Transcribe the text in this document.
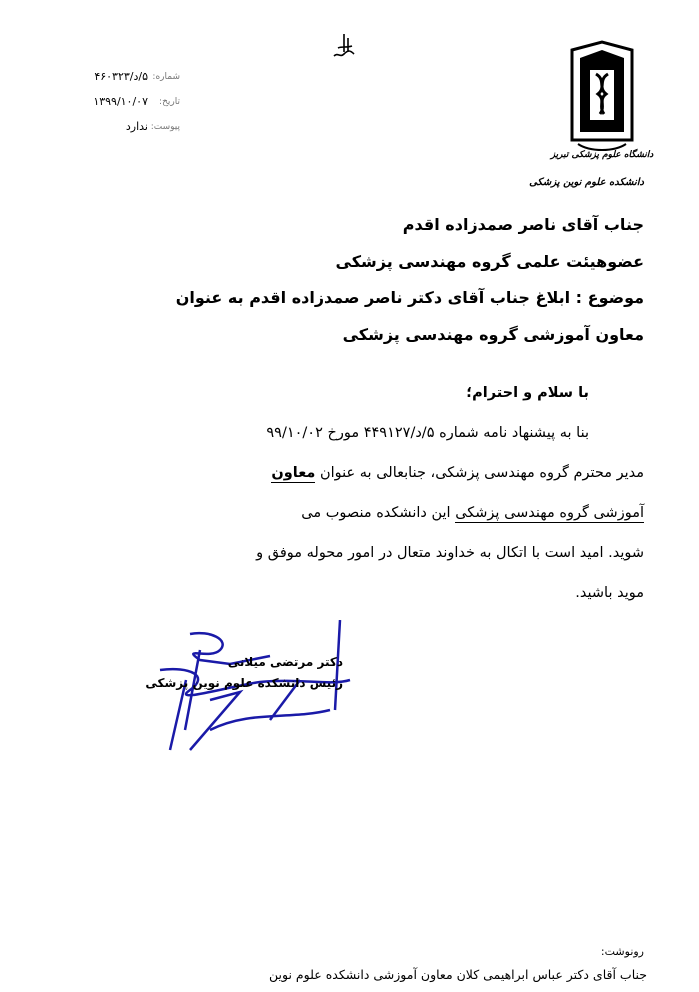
۵/د/۴۶۰۳۲۳ شماره:
۱۳۹۹/۱۰/۰۷ تاریخ:
ندارد پیوست:
دانشگاه علوم پزشکی تبریز
دانشکده علوم نوین پزشکی
جناب آقای ناصر صمدزاده اقدم
عضوهیئت علمی گروه مهندسی پزشکی
موضوع : ابلاغ جناب آقای دکتر ناصر صمدزاده اقدم به عنوان
معاون آموزشی گروه مهندسی پزشکی
با سلام و احترام؛
بنا به پیشنهاد نامه شماره ۵/د/۴۴۹۱۲۷ مورخ ۹۹/۱۰/۰۲
مدیر محترم گروه مهندسی پزشکی، جنابعالی به عنوان معاون
آموزشی گروه مهندسی پزشکی این دانشکده منصوب می
شوید. امید است با اتکال به خداوند متعال در امور محوله موفق و
موید باشید.
دکتر مرتضی میلانی
رئیس دانشکده علوم نوین پزشکی
رونوشت:
جناب آقای دکتر عباس ابراهیمی کلان معاون آموزشی دانشکده علوم نوین
